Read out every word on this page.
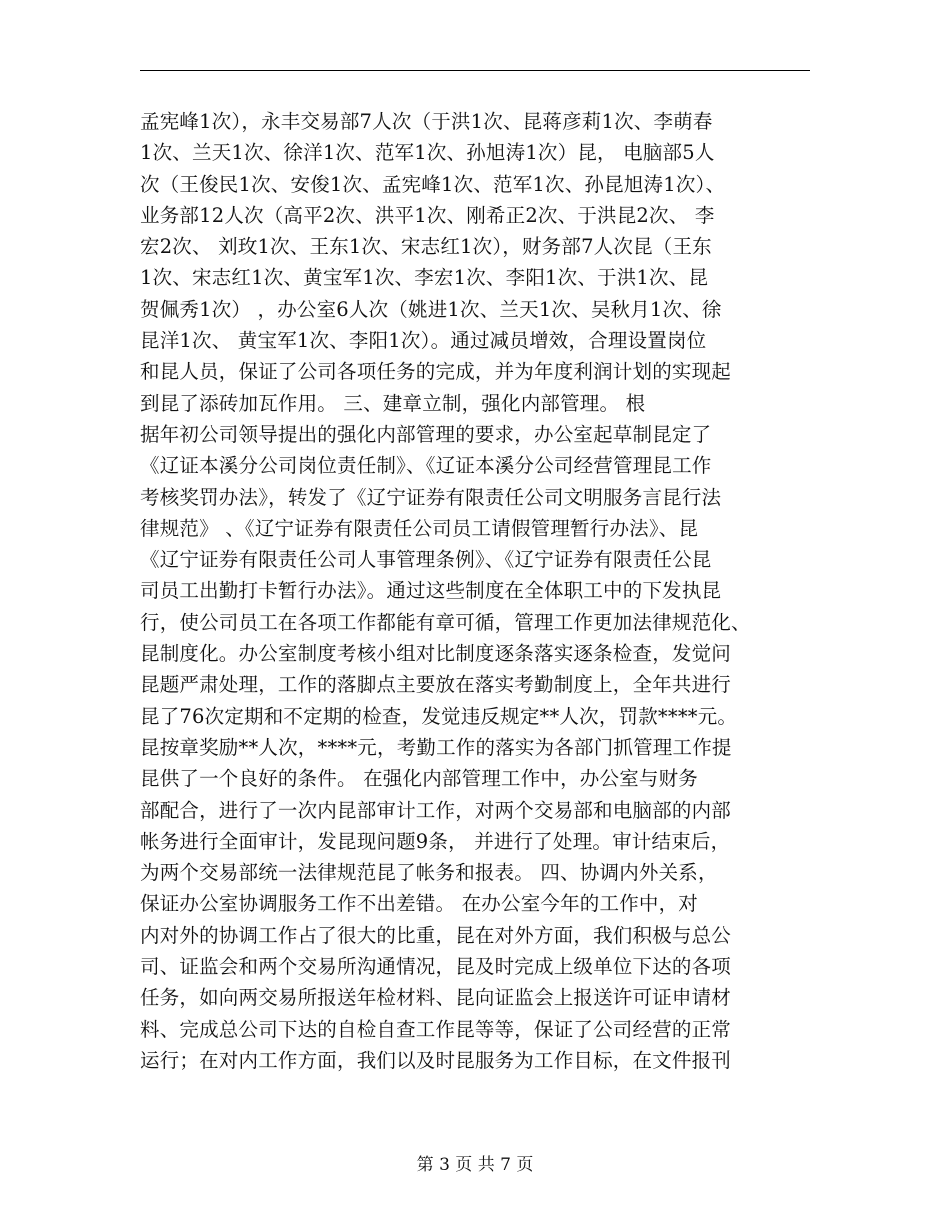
孟宪峰1次），永丰交易部7人次（于洪1次、昆蒋彦莉1次、李萌春
1次、兰天1次、徐洋1次、范军1次、孙旭涛1次）昆， 电脑部5人
次（王俊民1次、安俊1次、孟宪峰1次、范军1次、孙昆旭涛1次）、
业务部12人次（高平2次、洪平1次、刚希正2次、于洪昆2次、 李
宏2次、 刘玫1次、王东1次、宋志红1次），财务部7人次昆（王东
1次、宋志红1次、黄宝军1次、李宏1次、李阳1次、于洪1次、昆
贺佩秀1次） ，办公室6人次（姚进1次、兰天1次、吴秋月1次、徐
昆洋1次、 黄宝军1次、李阳1次）。通过减员增效，合理设置岗位
和昆人员，保证了公司各项任务的完成，并为年度利润计划的实现起
到昆了添砖加瓦作用。 三、建章立制，强化内部管理。 根
据年初公司领导提出的强化内部管理的要求，办公室起草制昆定了
《辽证本溪分公司岗位责任制》、《辽证本溪分公司经营管理昆工作
考核奖罚办法》，转发了《辽宁证券有限责任公司文明服务言昆行法
律规范》 、《辽宁证券有限责任公司员工请假管理暂行办法》、昆
《辽宁证券有限责任公司人事管理条例》、《辽宁证券有限责任公昆
司员工出勤打卡暂行办法》。通过这些制度在全体职工中的下发执昆
行，使公司员工在各项工作都能有章可循，管理工作更加法律规范化、
昆制度化。办公室制度考核小组对比制度逐条落实逐条检查，发觉问
昆题严肃处理，工作的落脚点主要放在落实考勤制度上，全年共进行
昆了76次定期和不定期的检查，发觉违反规定**人次，罚款****元。
昆按章奖励**人次，****元，考勤工作的落实为各部门抓管理工作提
昆供了一个良好的条件。 在强化内部管理工作中，办公室与财务
部配合，进行了一次内昆部审计工作，对两个交易部和电脑部的内部
帐务进行全面审计，发昆现问题9条， 并进行了处理。审计结束后，
为两个交易部统一法律规范昆了帐务和报表。 四、协调内外关系，
保证办公室协调服务工作不出差错。 在办公室今年的工作中，对
内对外的协调工作占了很大的比重，昆在对外方面，我们积极与总公
司、证监会和两个交易所沟通情况，昆及时完成上级单位下达的各项
任务，如向两交易所报送年检材料、昆向证监会上报送许可证申请材
料、完成总公司下达的自检自查工作昆等等，保证了公司经营的正常
运行；在对内工作方面，我们以及时昆服务为工作目标，在文件报刊
第 3 页 共 7 页
